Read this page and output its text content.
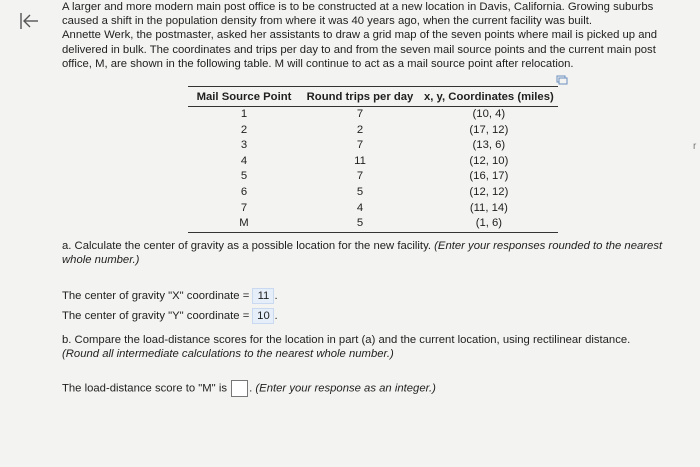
A larger and more modern main post office is to be constructed at a new location in Davis, California. Growing suburbs caused a shift in the population density from where it was 40 years ago, when the current facility was built.

Annette Werk, the postmaster, asked her assistants to draw a grid map of the seven points where mail is picked up and delivered in bulk. The coordinates and trips per day to and from the seven mail source points and the current main post office, M, are shown in the following table. M will continue to act as a mail source point after relocation.

Mail Source Point	Round trips per day	x, y, Coordinates (miles)
1	7	(10, 4)
2	2	(17, 12)
3	7	(13, 6)
4	11	(12, 10)
5	7	(16, 17)
6	5	(12, 12)
7	4	(11, 14)
M	5	(1, 6)
a. Calculate the center of gravity as a possible location for the new facility. (Enter your responses rounded to the nearest whole number.)
The center of gravity "X" coordinate = 11 .
The center of gravity "Y" coordinate = 10 .
b. Compare the load-distance scores for the location in part (a) and the current location, using rectilinear distance.
(Round all intermediate calculations to the nearest whole number.)
The load-distance score to "M" is . (Enter your response as an integer.)
r
